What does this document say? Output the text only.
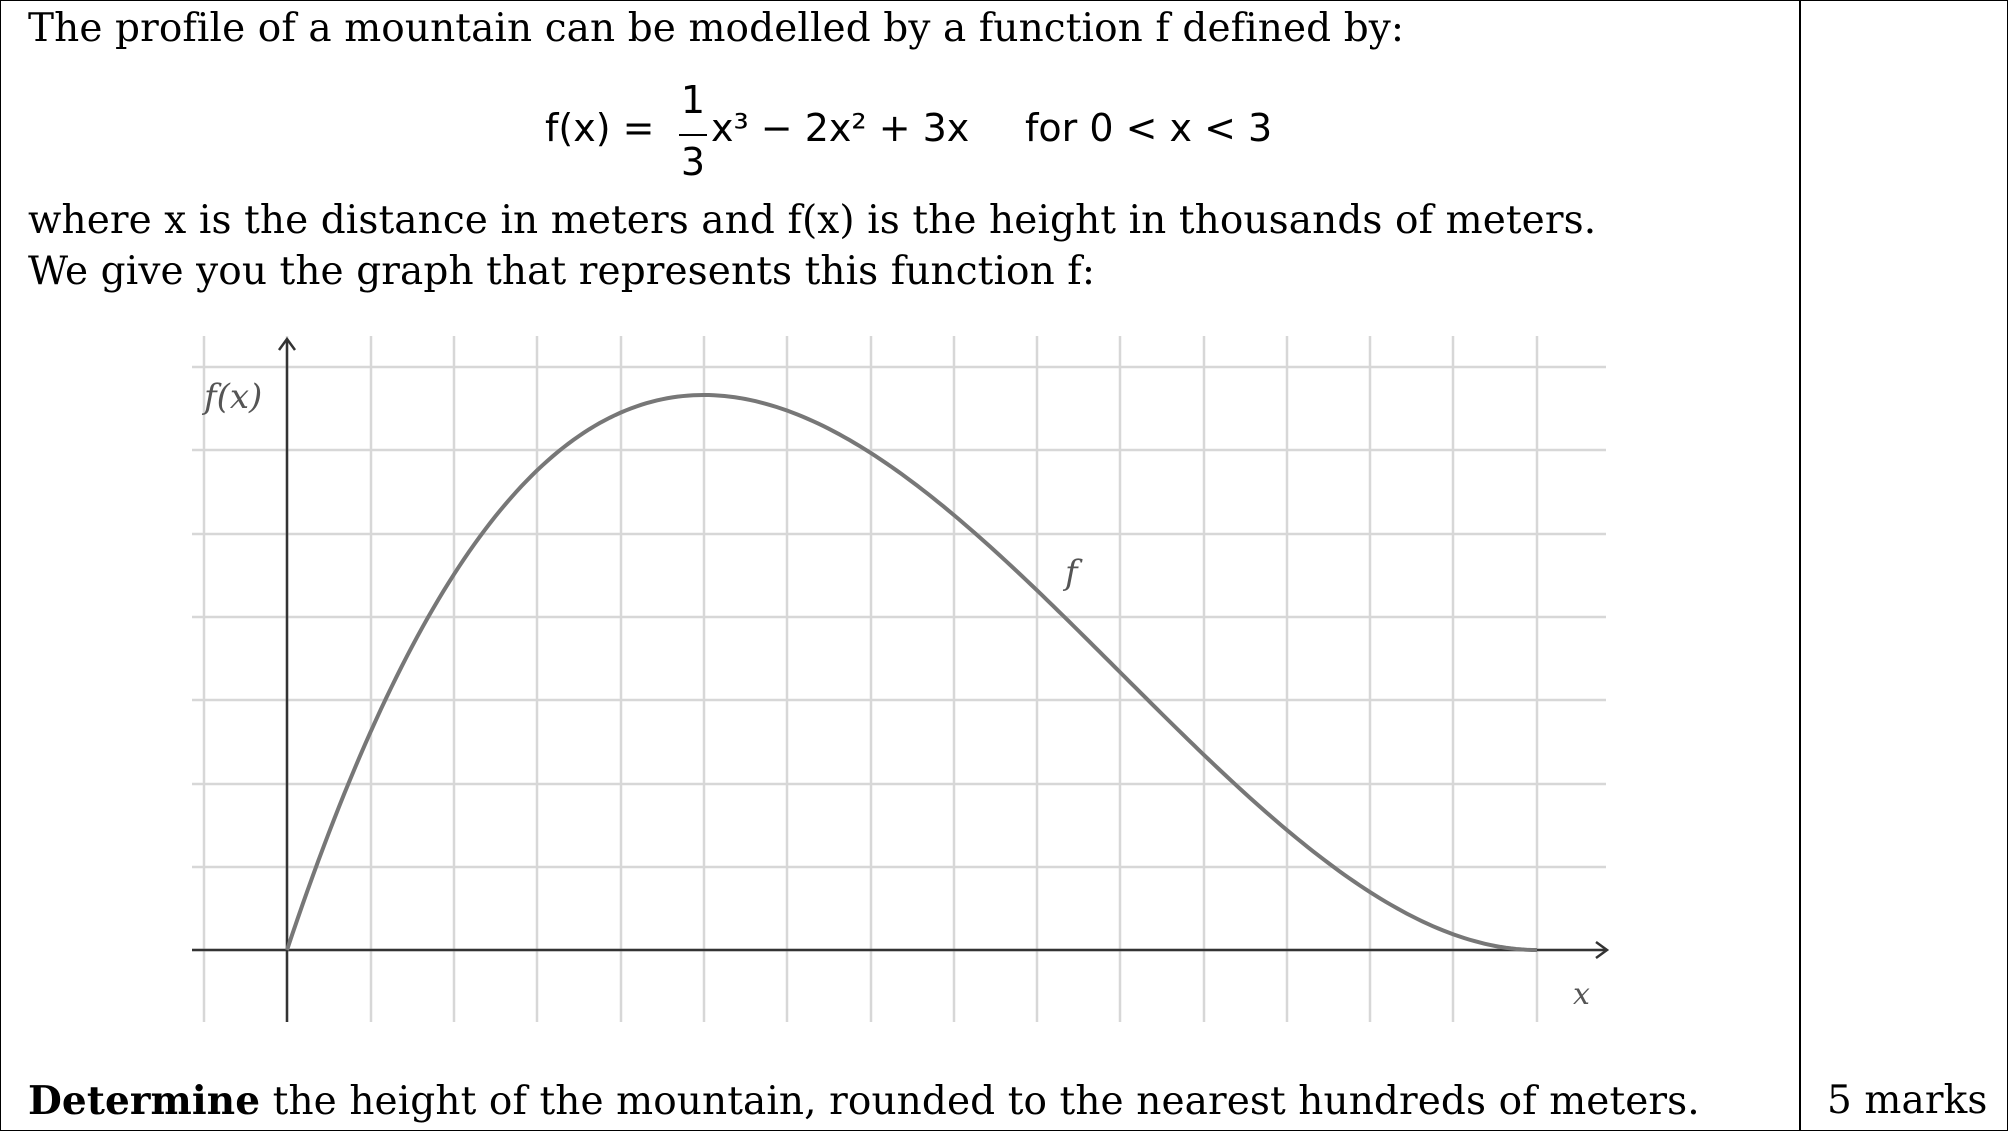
The profile of a mountain can be modelled by a function f defined by:
f(x) =
1
3
x³ − 2x² + 3x for 0 < x < 3
where x is the distance in meters and f(x) is the height in thousands of meters.
We give you the graph that represents this function f:
f(x)
x
f
Determine the height of the mountain, rounded to the nearest hundreds of meters.	5 marks
